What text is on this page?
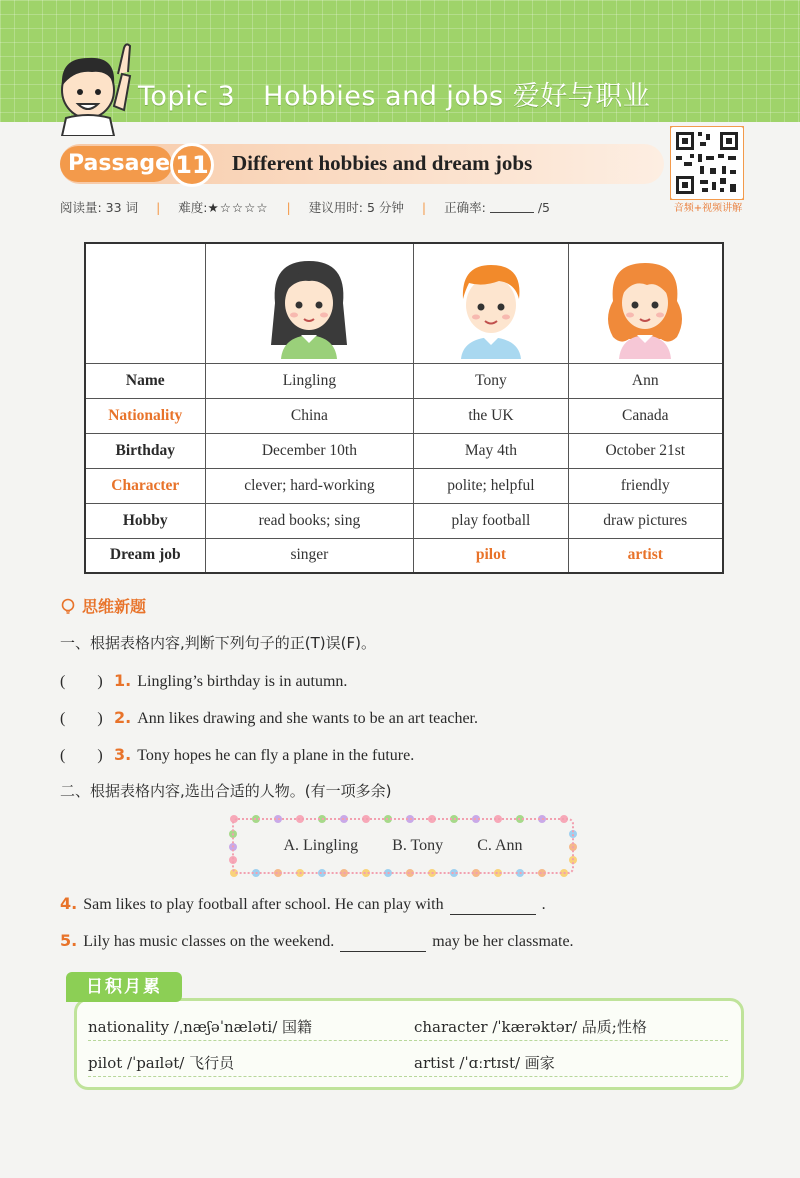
Topic 3 Hobbies and jobs 爱好与职业
Passage 11 Different hobbies and dream jobs
音频+视频讲解
阅读量: 33 词 | 难度: ★☆☆☆☆ | 建议用时: 5 分钟 | 正确率:	/5

Name	Lingling	Tony	Ann
Nationality	China	the UK	Canada
Birthday	December 10th	May 4th	October 21st
Character	clever; hard-working	polite; helpful	friendly
Hobby	read books; sing	play football	draw pictures
Dream job	singer	pilot	artist
思维新题
一、根据表格内容,判断下列句子的正(T)误(F)。
(　　) 1. Lingling’s birthday is in autumn.
(　　) 2. Ann likes drawing and she wants to be an art teacher.
(　　) 3. Tony hopes he can fly a plane in the future.
二、根据表格内容,选出合适的人物。(有一项多余)
A. Lingling B. Tony C. Ann
4. Sam likes to play football after school. He can play with	.
5. Lily has music classes on the weekend.	may be her classmate.
日积月累
nationality /ˌnæʃəˈnæləti/ 国籍	character /ˈkærəktər/ 品质;性格
pilot /ˈpaɪlət/ 飞行员	artist /ˈɑːrtɪst/ 画家
